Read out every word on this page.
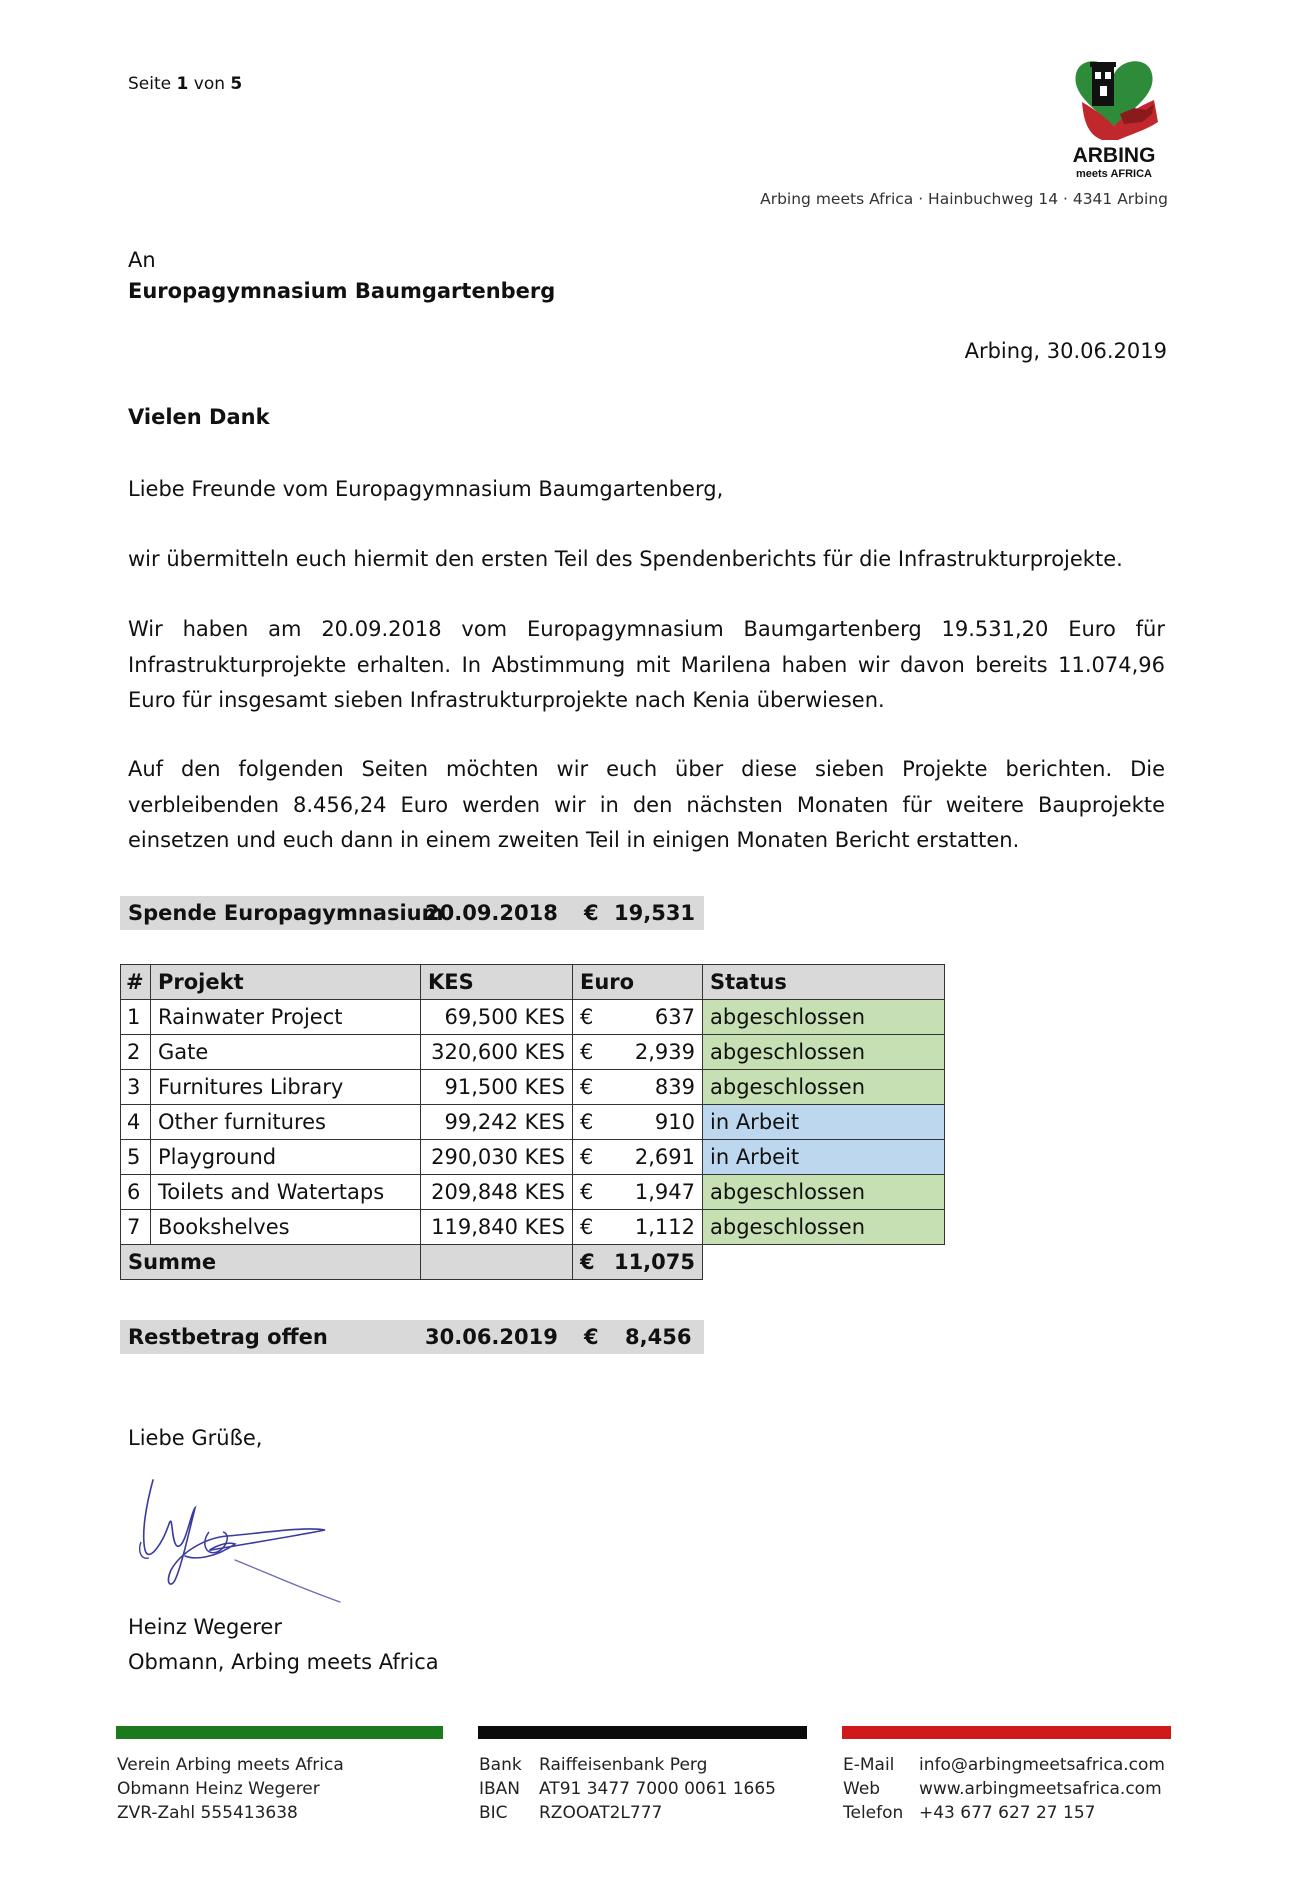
Seite 1 von 5
ARBING
meets AFRICA
Arbing meets Africa · Hainbuchweg 14 · 4341 Arbing
An
Europagymnasium Baumgartenberg
Arbing, 30.06.2019
Vielen Dank
Liebe Freunde vom Europagymnasium Baumgartenberg,
wir übermitteln euch hiermit den ersten Teil des Spendenberichts für die Infrastrukturprojekte.
Wir haben am 20.09.2018 vom Europagymnasium Baumgartenberg 19.531,20 Euro für Infrastrukturprojekte erhalten. In Abstimmung mit Marilena haben wir davon bereits 11.074,96 Euro für insgesamt sieben Infrastrukturprojekte nach Kenia überwiesen.
Auf den folgenden Seiten möchten wir euch über diese sieben Projekte berichten. Die verbleibenden 8.456,24 Euro werden wir in den nächsten Monaten für weitere Bauprojekte einsetzen und euch dann in einem zweiten Teil in einigen Monaten Bericht erstatten.
Spende Europagymnasium
20.09.2018 € 19,531
#	Projekt	KES	Euro	Status
1	Rainwater Project	69,500 KES	€ 637	abgeschlossen
2	Gate	320,600 KES	€ 2,939	abgeschlossen
3	Furnitures Library	91,500 KES	€ 839	abgeschlossen
4	Other furnitures	99,242 KES	€ 910	in Arbeit
5	Playground	290,030 KES	€ 2,691	in Arbeit
6	Toilets and Watertaps	209,848 KES	€ 1,947	abgeschlossen
7	Bookshelves	119,840 KES	€ 1,112	abgeschlossen
Summe			€ 11,075	

Restbetrag offen	30.06.2019 € 8,456
Liebe Grüße,
Heinz Wegerer
Obmann, Arbing meets Africa
Verein Arbing meets Africa
Obmann Heinz Wegerer
ZVR-Zahl 555413638
Bank	Raiffeisenbank Perg
IBAN	AT91 3477 7000 0061 1665
BIC	RZOOAT2L777
E-Mail	info@arbingmeetsafrica.com
Web	www.arbingmeetsafrica.com
Telefon +43 677 627 27 157
